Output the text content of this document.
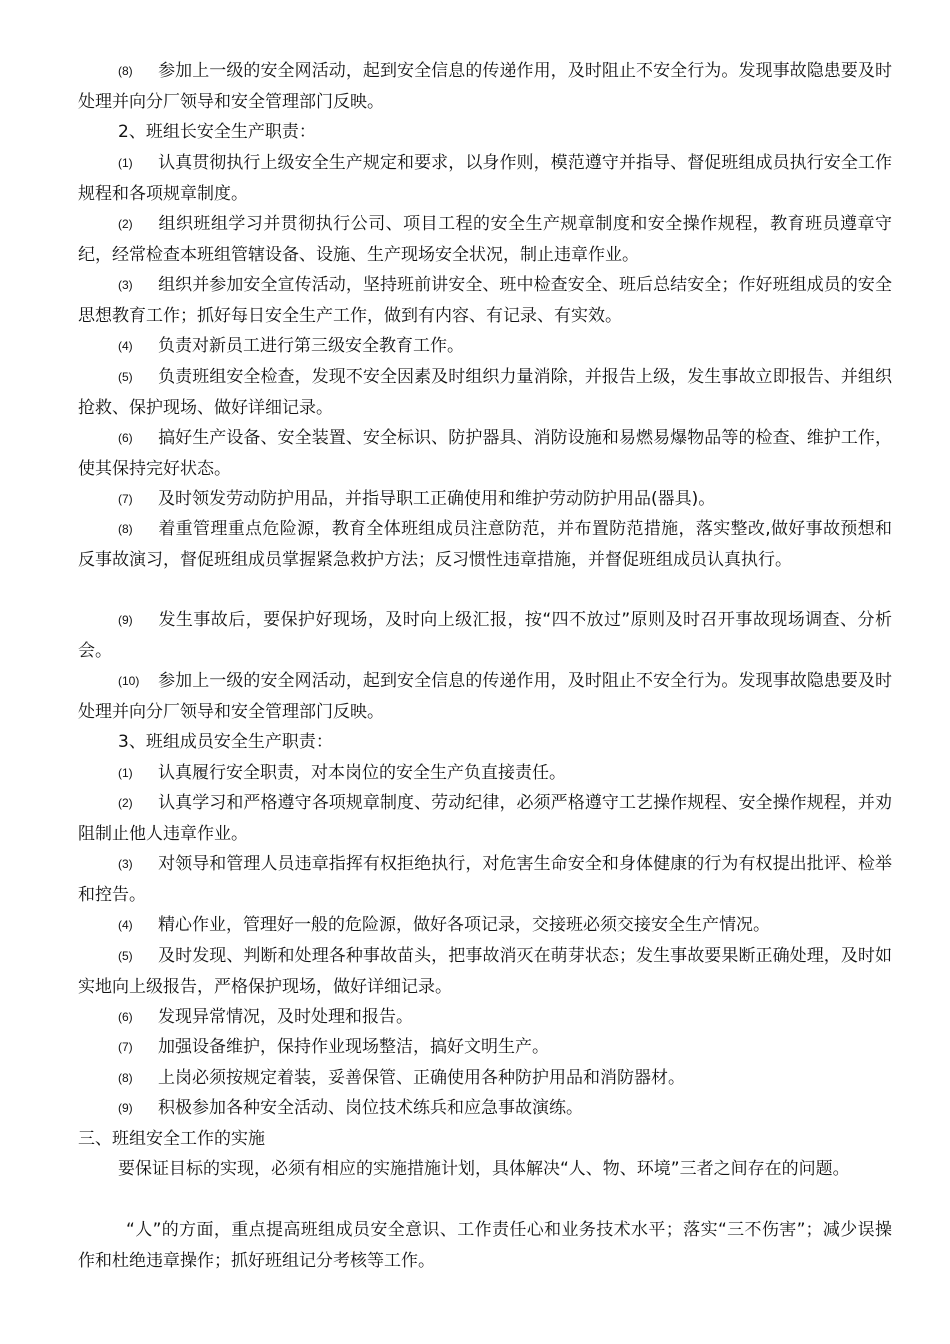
(8) 参加上一级的安全网活动，起到安全信息的传递作用，及时阻止不安全行为。发现事故隐患要及时处理并向分厂领导和安全管理部门反映。
2、班组长安全生产职责：
(1) 认真贯彻执行上级安全生产规定和要求，以身作则，模范遵守并指导、督促班组成员执行安全工作规程和各项规章制度。
(2) 组织班组学习并贯彻执行公司、项目工程的安全生产规章制度和安全操作规程，教育班员遵章守纪，经常检查本班组管辖设备、设施、生产现场安全状况，制止违章作业。
(3) 组织并参加安全宣传活动，坚持班前讲安全、班中检查安全、班后总结安全；作好班组成员的安全思想教育工作；抓好每日安全生产工作，做到有内容、有记录、有实效。
(4) 负责对新员工进行第三级安全教育工作。
(5) 负责班组安全检查，发现不安全因素及时组织力量消除，并报告上级，发生事故立即报告、并组织抢救、保护现场、做好详细记录。
(6) 搞好生产设备、安全装置、安全标识、防护器具、消防设施和易燃易爆物品等的检查、维护工作，使其保持完好状态。
(7) 及时领发劳动防护用品，并指导职工正确使用和维护劳动防护用品(器具)。
(8) 着重管理重点危险源，教育全体班组成员注意防范，并布置防范措施，落实整改,做好事故预想和反事故演习，督促班组成员掌握紧急救护方法；反习惯性违章措施，并督促班组成员认真执行。
(9) 发生事故后，要保护好现场，及时向上级汇报，按“四不放过”原则及时召开事故现场调查、分析会。
(10) 参加上一级的安全网活动，起到安全信息的传递作用，及时阻止不安全行为。发现事故隐患要及时处理并向分厂领导和安全管理部门反映。
3、班组成员安全生产职责：
(1) 认真履行安全职责，对本岗位的安全生产负直接责任。
(2) 认真学习和严格遵守各项规章制度、劳动纪律，必须严格遵守工艺操作规程、安全操作规程，并劝阻制止他人违章作业。
(3) 对领导和管理人员违章指挥有权拒绝执行，对危害生命安全和身体健康的行为有权提出批评、检举和控告。
(4) 精心作业，管理好一般的危险源，做好各项记录，交接班必须交接安全生产情况。
(5) 及时发现、判断和处理各种事故苗头，把事故消灭在萌芽状态；发生事故要果断正确处理，及时如实地向上级报告，严格保护现场，做好详细记录。
(6) 发现异常情况，及时处理和报告。
(7) 加强设备维护，保持作业现场整洁，搞好文明生产。
(8) 上岗必须按规定着装，妥善保管、正确使用各种防护用品和消防器材。
(9) 积极参加各种安全活动、岗位技术练兵和应急事故演练。
三、班组安全工作的实施
要保证目标的实现，必须有相应的实施措施计划，具体解决“人、物、环境”三者之间存在的问题。
“人”的方面，重点提高班组成员安全意识、工作责任心和业务技术水平；落实“三不伤害”；减少误操作和杜绝违章操作；抓好班组记分考核等工作。
